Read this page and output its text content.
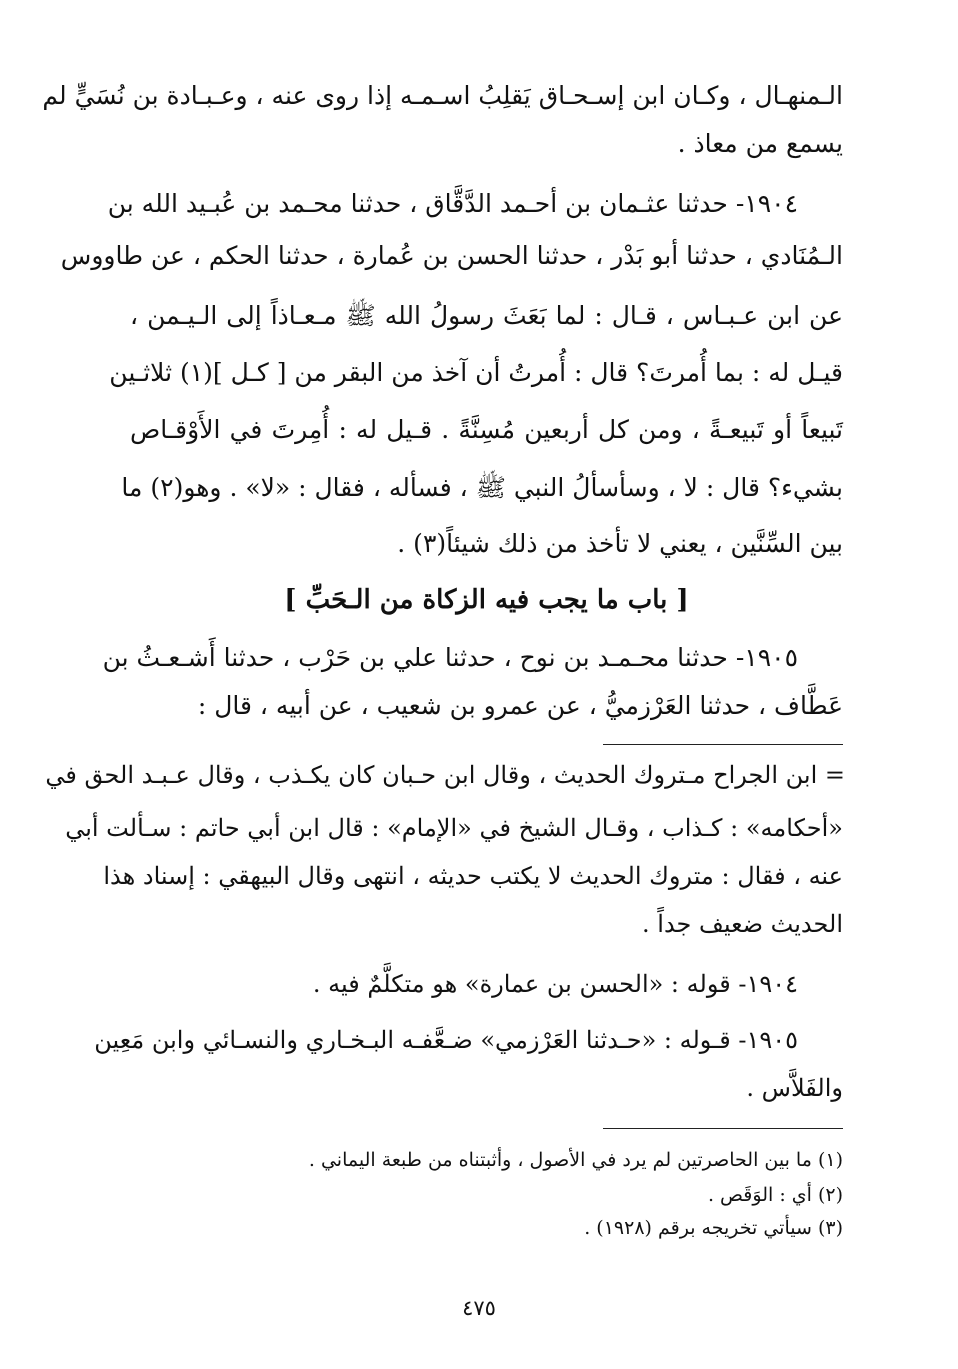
الـمنهـال ، وكـان ابن إسـحـاق يَقلِبُ اسـمـه إذا روى عنه ، وعـبـادة بن نُسَيٍّ لم
يسمع من معاذ .
١٩٠٤- حدثنا عثـمان بن أحـمد الدَّقَّاق ، حدثنا محـمد بن عُبـيد الله بن
الـمُنَادي ، حدثنا أبو بَدْر ، حدثنا الحسن بن عُمارة ، حدثنا الحكم ، عن طاووس
عن ابن عـبـاس ، قـال : لما بَعَثَ رسولُ الله ﷺ مـعـاذاً إلى الـيـمن ،
قيـل له : بما أُمرتَ؟ قال : أُمرتُ أن آخذ من البقر من [ كـل ](١) ثلاثـين
تَبيعاً أو تَبيعـةً ، ومن كل أربعين مُسِنَّةً . قـيل له : أُمِرتَ في الأَوْقـاص
بشيء؟ قال : لا ، وسأسألُ النبي ﷺ ، فسأله ، فقال : «لا» . وهو(٢) ما
بين السِّنَّين ، يعني لا تأخذ من ذلك شيئاً(٣) .
[ باب ما يجب فيه الزكاة من الـحَبِّ ]
١٩٠٥- حدثنا محـمـد بن نوح ، حدثنا علي بن حَرْب ، حدثنا أَشـعـثُ بن
عَطَّاف ، حدثنا العَرْزميُّ ، عن عمرو بن شعيب ، عن أبيه ، قال :
= ابن الجراح مـتروك الحديث ، وقال ابن حـبان كان يكـذب ، وقال عـبـد الحق في
«أحكامه» : كـذاب ، وقـال الشيخ في «الإمام» : قال ابن أبي حاتم : سـألت أبي
عنه ، فقال : متروك الحديث لا يكتب حديثه ، انتهى وقال البيهقي : إسناد هذا
الحديث ضعيف جداً .
١٩٠٤- قوله : «الحسن بن عمارة» هو متكلَّمٌ فيه .
١٩٠٥- قـوله : «حـدثنا العَرْزمي» ضـعَّفـه البـخـاري والنسـائي وابن مَعِين
والفَلاَّس .
(١) ما بين الحاصرتين لم يرد في الأصول ، وأثبتناه من طبعة اليماني .
(٢) أي : الوَقَص .
(٣) سيأتي تخريجه برقم (١٩٢٨) .
٤٧٥
